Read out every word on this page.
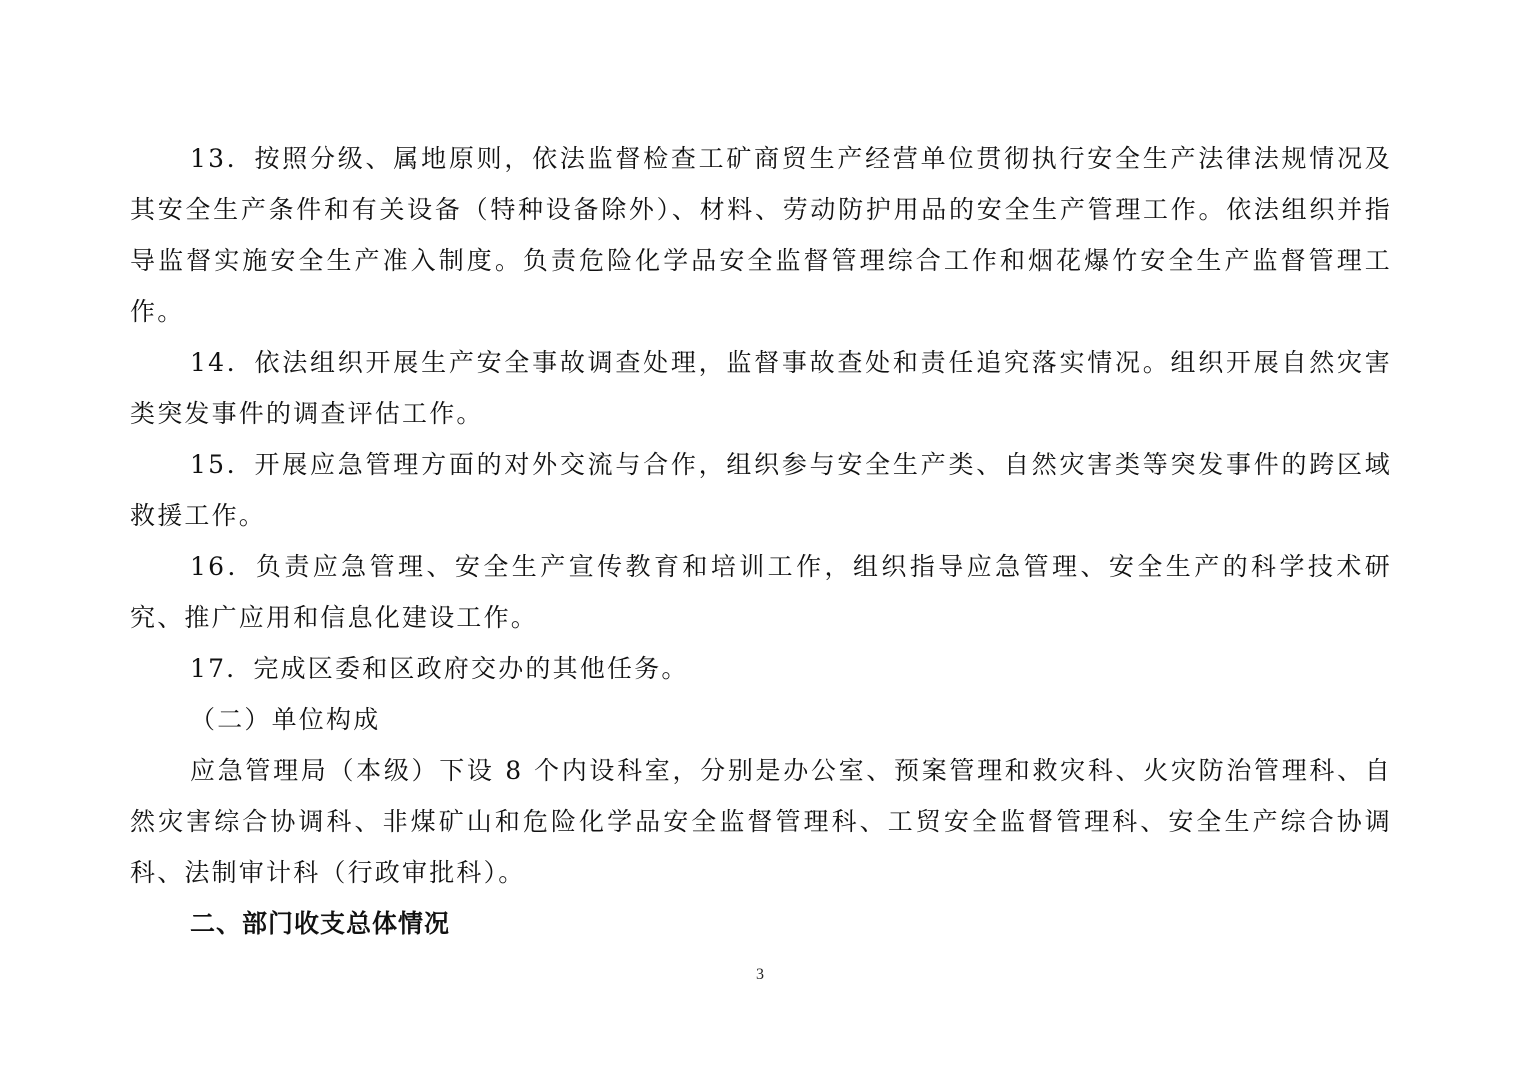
13．按照分级、属地原则，依法监督检查工矿商贸生产经营单位贯彻执行安全生产法律法规情况及其安全生产条件和有关设备（特种设备除外）、材料、劳动防护用品的安全生产管理工作。依法组织并指导监督实施安全生产准入制度。负责危险化学品安全监督管理综合工作和烟花爆竹安全生产监督管理工作。

14．依法组织开展生产安全事故调查处理，监督事故查处和责任追究落实情况。组织开展自然灾害类突发事件的调查评估工作。

15．开展应急管理方面的对外交流与合作，组织参与安全生产类、自然灾害类等突发事件的跨区域救援工作。

16．负责应急管理、安全生产宣传教育和培训工作，组织指导应急管理、安全生产的科学技术研究、推广应用和信息化建设工作。

17．完成区委和区政府交办的其他任务。

（二）单位构成

应急管理局（本级）下设 8 个内设科室，分别是办公室、预案管理和救灾科、火灾防治管理科、自然灾害综合协调科、非煤矿山和危险化学品安全监督管理科、工贸安全监督管理科、安全生产综合协调科、法制审计科（行政审批科）。

二、部门收支总体情况

3
